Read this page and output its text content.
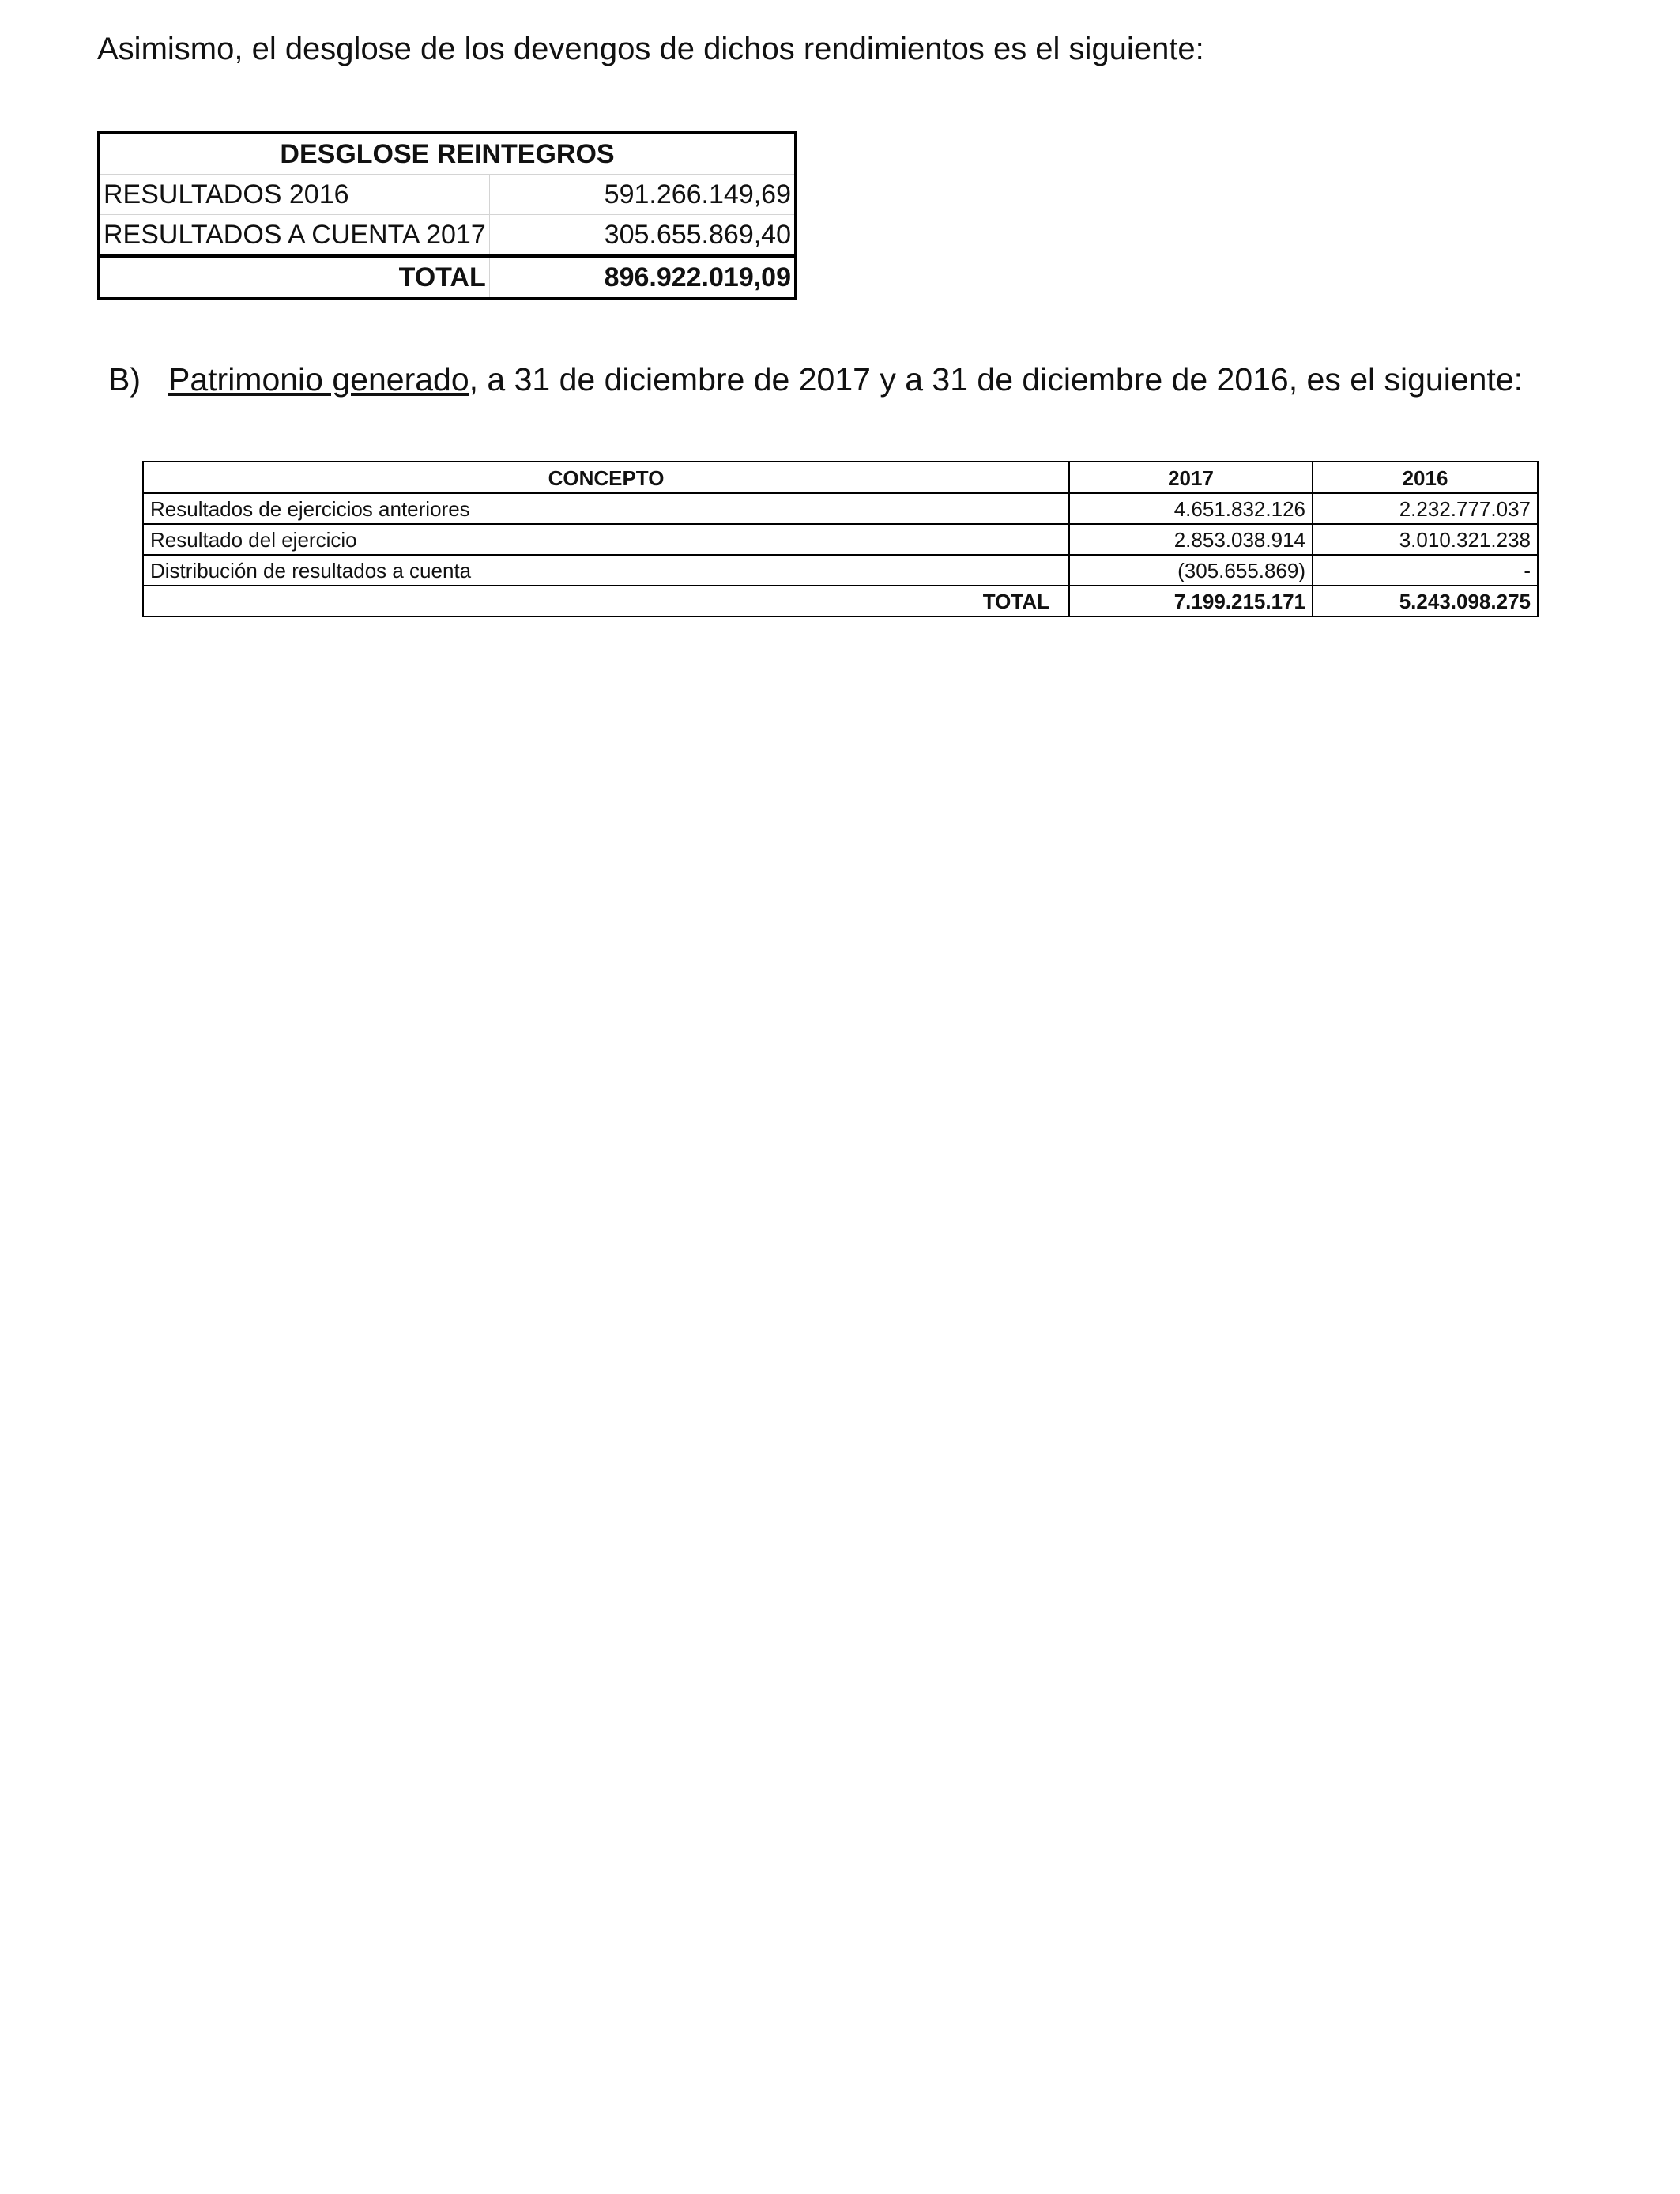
Asimismo, el desglose de los devengos de dichos rendimientos es el siguiente:

DESGLOSE REINTEGROS	
RESULTADOS 2016	591.266.149,69
RESULTADOS A CUENTA 2017	305.655.869,40
TOTAL	896.922.019,09

B) Patrimonio generado, a 31 de diciembre de 2017 y a 31 de diciembre de 2016, es el siguiente:

CONCEPTO	2017	2016
Resultados de ejercicios anteriores	4.651.832.126	2.232.777.037
Resultado del ejercicio	2.853.038.914	3.010.321.238
Distribución de resultados a cuenta	(305.655.869)	-
TOTAL	7.199.215.171	5.243.098.275
